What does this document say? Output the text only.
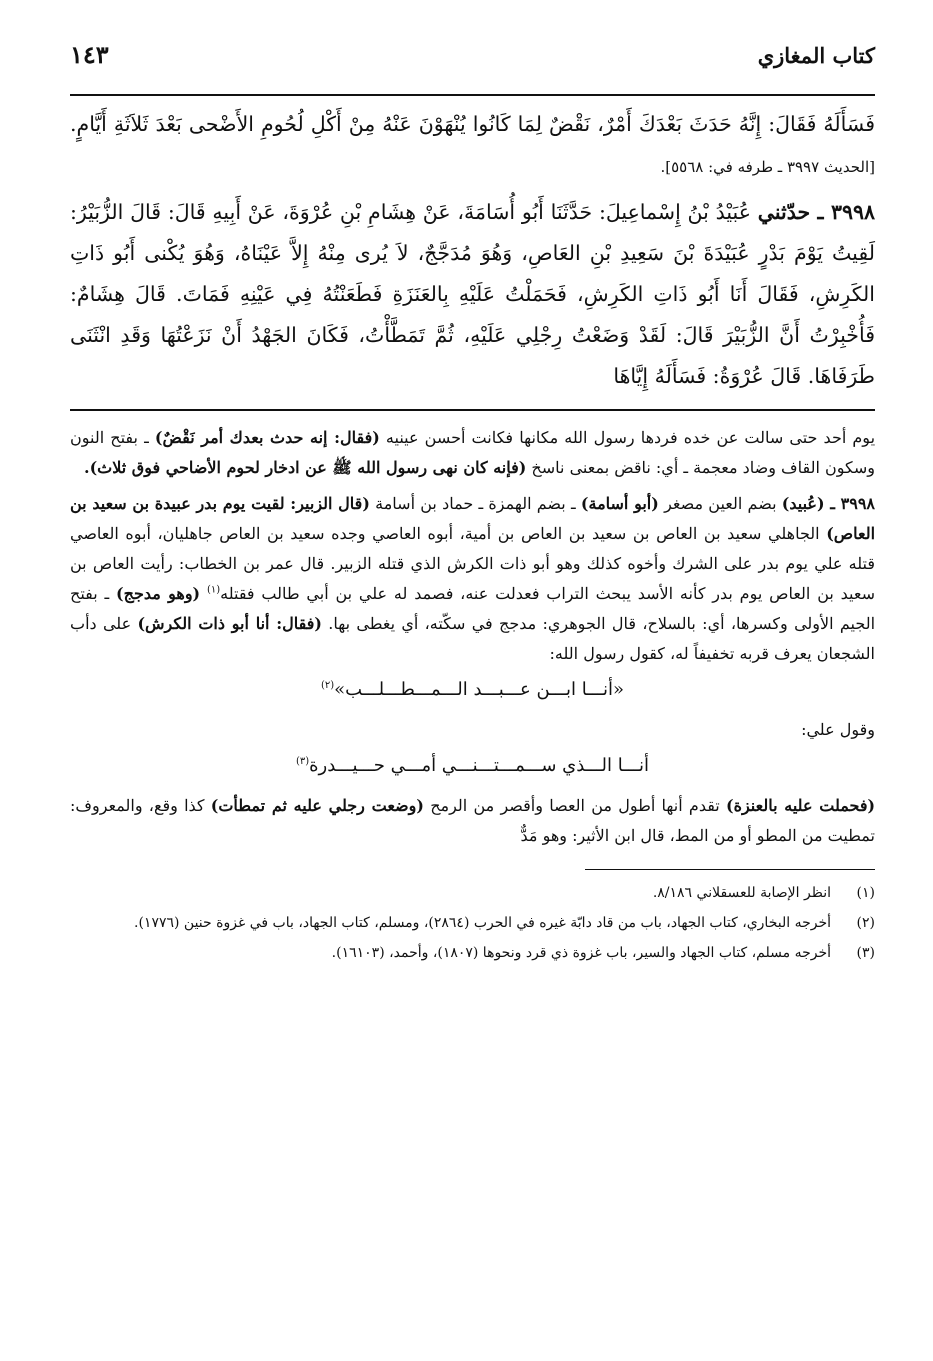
كتاب المغازي
١٤٣

فَسَأَلَهُ فَقَالَ: إِنَّهُ حَدَثَ بَعْدَكَ أَمْرٌ، نَقْضٌ لِمَا كَانُوا يُنْهَوْنَ عَنْهُ مِنْ أَكْلِ لُحُومِ الأَضْحى بَعْدَ ثَلاَثَةِ أَيَّامٍ. [الحديث ٣٩٩٧ ـ طرفه في: ٥٥٦٨].

٣٩٩٨ ـ حدّثني عُبَيْدُ بْنُ إِسْماعِيلَ: حَدَّثَنَا أَبُو أُسَامَةَ، عَنْ هِشَامِ بْنِ عُرْوَةَ، عَنْ أَبِيهِ قَالَ: قَالَ الزُّبَيْرُ: لَقِيتُ يَوْمَ بَدْرٍ عُبَيْدَةَ بْنَ سَعِيدِ بْنِ العَاصِ، وَهُوَ مُدَجَّجٌ، لاَ يُرى مِنْهُ إِلاَّ عَيْنَاهُ، وَهُوَ يُكْنى أَبُو ذَاتِ الكَرِشِ، فَقَالَ أَنَا أَبُو ذَاتِ الكَرِشِ، فَحَمَلْتُ عَلَيْهِ بِالعَنَزَةِ فَطَعَنْتُهُ فِي عَيْنِهِ فَمَاتَ. قَالَ هِشَامٌ: فَأُخْبِرْتُ أَنَّ الزُّبَيْرَ قَالَ: لَقَدْ وَضَعْتُ رِجْلِي عَلَيْهِ، ثُمَّ تَمَطَّأْتُ، فَكَانَ الجَهْدُ أَنْ نَزَعْتُهَا وَقَدِ انْثَنَى طَرَفَاهَا. قَالَ عُرْوَةُ: فَسَأَلَهُ إِيَّاهَا

يوم أحد حتى سالت عن خده فردها رسول الله مكانها فكانت أحسن عينيه (فقال: إنه حدث بعدك أمر نَقْضٌ) ـ بفتح النون وسكون القاف وضاد معجمة ـ أي: ناقض بمعنى ناسخ (فإنه كان نهى رسول الله ﷺ عن ادخار لحوم الأضاحي فوق ثلاث).

٣٩٩٨ ـ (عُبيد) بضم العين مصغر (أبو أسامة) ـ بضم الهمزة ـ حماد بن أسامة (قال الزبير: لقيت يوم بدر عبيدة بن سعيد بن العاص) الجاهلي سعيد بن العاص بن سعيد بن العاص بن أمية، أبوه العاصي وجده سعيد بن العاص جاهليان، أبوه العاصي قتله علي يوم بدر على الشرك وأخوه كذلك وهو أبو ذات الكرش الذي قتله الزبير. قال عمر بن الخطاب: رأيت العاص بن سعيد بن العاص يوم بدر كأنه الأسد يبحث التراب فعدلت عنه، فصمد له علي بن أبي طالب فقتله$^{(١)}$ (وهو مدجج) ـ بفتح الجيم الأولى وكسرها، أي: بالسلاح، قال الجوهري: مدجج في سكّته، أي يغطى بها. (فقال: أنا أبو ذات الكرش) على دأب الشجعان يعرف قربه تخفيفاً له، كقول رسول الله:

«أنـــا ابـــن عـــبـــد الـــمـــطـــلـــب»$^{(٢)}$

وقول علي:

أنـــا الـــذي ســـمـــتـــنـــي أمـــي حـــيـــدرة$^{(٣)}$

(فحملت عليه بالعنزة) تقدم أنها أطول من العصا وأقصر من الرمح (وضعت رجلي عليه ثم تمطأت) كذا وقع، والمعروف: تمطيت من المطو أو من المط، قال ابن الأثير: وهو مَدٌّ

(١)
انظر الإصابة للعسقلاني ٨/١٨٦.
(٢)
أخرجه البخاري، كتاب الجهاد، باب من قاد دابّة غيره في الحرب (٢٨٦٤)، ومسلم، كتاب الجهاد، باب في غزوة حنين (١٧٧٦).
(٣)
أخرجه مسلم، كتاب الجهاد والسير، باب غزوة ذي قرد ونحوها (١٨٠٧)، وأحمد، (١٦١٠٣).
